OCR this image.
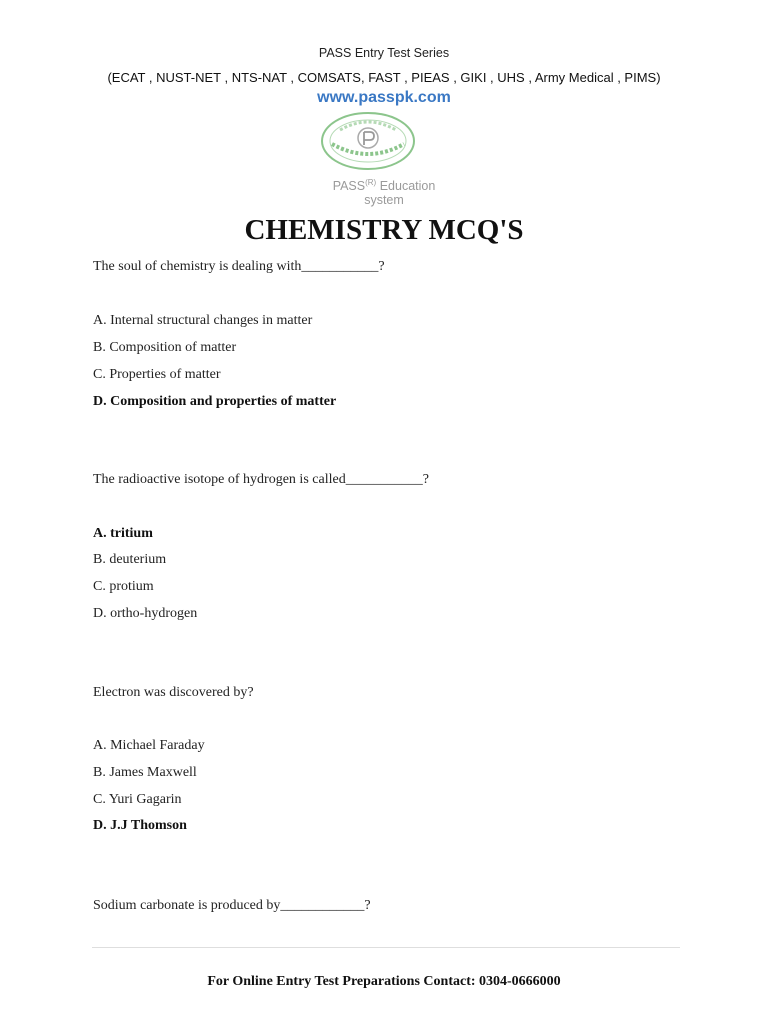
PASS Entry Test Series
(ECAT , NUST-NET , NTS-NAT , COMSATS, FAST , PIEAS , GIKI , UHS , Army Medical , PIMS)
www.passpk.com
$PASS^{(R)}$ Education
system
CHEMISTRY MCQ'S
The soul of chemistry is dealing with___________?
A. Internal structural changes in matter
B. Composition of matter
C. Properties of matter
D. Composition and properties of matter
The radioactive isotope of hydrogen is called___________?
A. tritium
B. deuterium
C. protium
D. ortho-hydrogen
Electron was discovered by?
A. Michael Faraday
B. James Maxwell
C. Yuri Gagarin
D. J.J Thomson
Sodium carbonate is produced by____________?
For Online Entry Test Preparations Contact: 0304-0666000
